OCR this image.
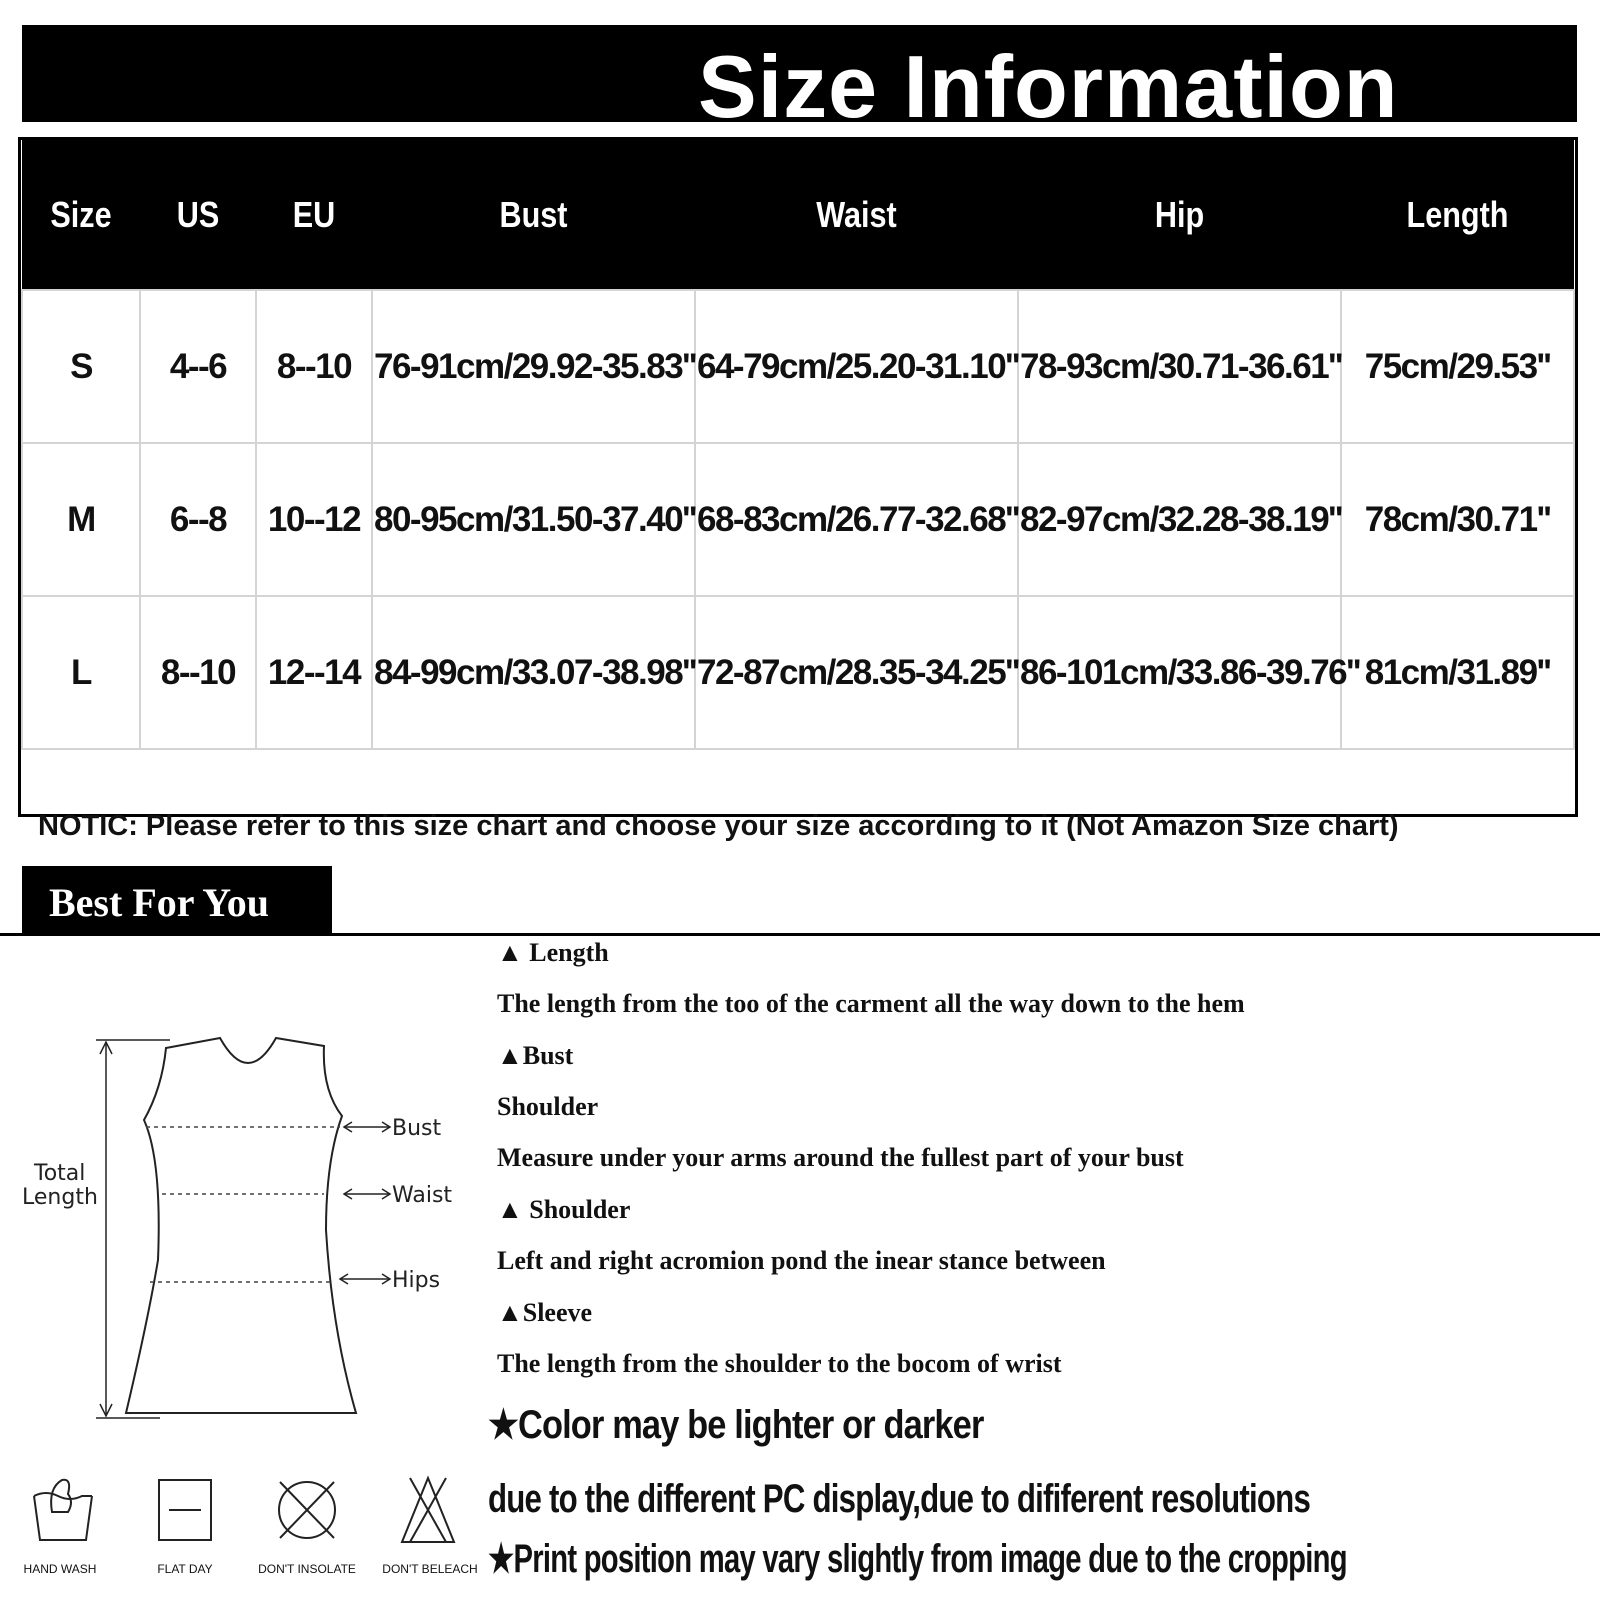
Size Information
Size	US	EU	Bust	Waist	Hip	Length
S	4--6	8--10	76-91cm/29.92-35.83''	64-79cm/25.20-31.10''	78-93cm/30.71-36.61''	75cm/29.53''
M	6--8	10--12	80-95cm/31.50-37.40''	68-83cm/26.77-32.68''	82-97cm/32.28-38.19''	78cm/30.71''
L	8--10	12--14	84-99cm/33.07-38.98''	72-87cm/28.35-34.25''	86-101cm/33.86-39.76''	81cm/31.89''
NOTIC: Please refer to this size chart and choose your size according to it (Not Amazon Size chart)						
Best For You
Total
Length
Bust
Waist
Hips
HAND WASH	FLAT DAY	DON'T INSOLATE	DON'T BELEACH
▲ Length
The length from the too of the carment all the way down to the hem
▲Bust
Shoulder
Measure under your arms around the fullest part of your bust
▲ Shoulder
Left and right acromion pond the inear stance between
▲Sleeve
The length from the shoulder to the bocom of wrist
★Color may be lighter or darker
due to the different PC display,due to dififerent resolutions
★Print position may vary slightly from image due to the cropping
